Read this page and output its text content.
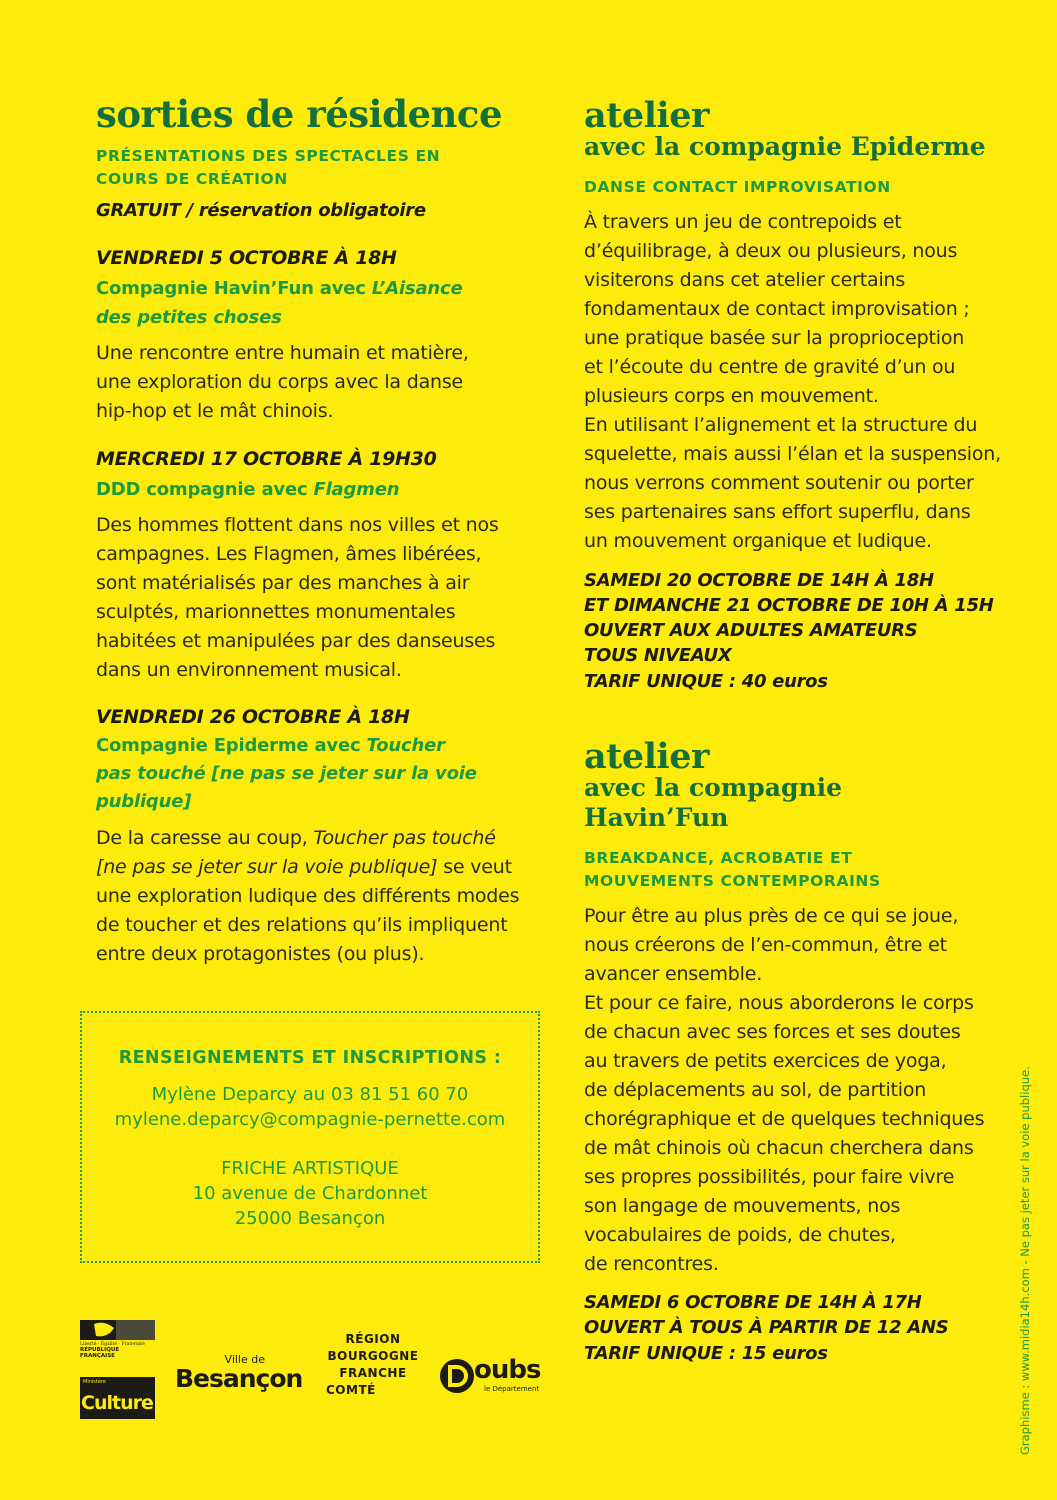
sorties de résidence

PRÉSENTATIONS DES SPECTACLES EN

COURS DE CRÉATION

GRATUIT / réservation obligatoire

VENDREDI 5 OCTOBRE À 18H

Compagnie Havin’Fun avec L’Aisance

des petites choses

Une rencontre entre humain et matière,

une exploration du corps avec la danse

hip-hop et le mât chinois.

MERCREDI 17 OCTOBRE À 19H30

DDD compagnie avec Flagmen

Des hommes flottent dans nos villes et nos

campagnes. Les Flagmen, âmes libérées,

sont matérialisés par des manches à air

sculptés, marionnettes monumentales

habitées et manipulées par des danseuses

dans un environnement musical.

VENDREDI 26 OCTOBRE À 18H

Compagnie Epiderme avec Toucher

pas touché [ne pas se jeter sur la voie

publique]

De la caresse au coup, Toucher pas touché

[ne pas se jeter sur la voie publique] se veut

une exploration ludique des différents modes

de toucher et des relations qu’ils impliquent

entre deux protagonistes (ou plus).

RENSEIGNEMENTS ET INSCRIPTIONS :
Mylène Deparcy au 03 81 51 60 70
mylene.deparcy@compagnie-pernette.com
FRICHE ARTISTIQUE
10 avenue de Chardonnet
25000 Besançon
atelier

avec la compagnie Epiderme

DANSE CONTACT IMPROVISATION

À travers un jeu de contrepoids et

d’équilibrage, à deux ou plusieurs, nous

visiterons dans cet atelier certains

fondamentaux de contact improvisation ;

une pratique basée sur la proprioception

et l’écoute du centre de gravité d’un ou

plusieurs corps en mouvement.

En utilisant l’alignement et la structure du

squelette, mais aussi l’élan et la suspension,

nous verrons comment soutenir ou porter

ses partenaires sans effort superflu, dans

un mouvement organique et ludique.

SAMEDI 20 OCTOBRE DE 14H À 18H

ET DIMANCHE 21 OCTOBRE DE 10H À 15H

OUVERT AUX ADULTES AMATEURS

TOUS NIVEAUX

TARIF UNIQUE : 40 euros

atelier

avec la compagnie

Havin’Fun

BREAKDANCE, ACROBATIE ET

MOUVEMENTS CONTEMPORAINS

Pour être au plus près de ce qui se joue,

nous créerons de l’en-commun, être et

avancer ensemble.

Et pour ce faire, nous aborderons le corps

de chacun avec ses forces et ses doutes

au travers de petits exercices de yoga,

de déplacements au sol, de partition

chorégraphique et de quelques techniques

de mât chinois où chacun cherchera dans

ses propres possibilités, pour faire vivre

son langage de mouvements, nos

vocabulaires de poids, de chutes,

de rencontres.

SAMEDI 6 OCTOBRE DE 14H À 17H

OUVERT À TOUS À PARTIR DE 12 ANS

TARIF UNIQUE : 15 euros

Liberté · Égalité · Fraternité
RÉPUBLIQUE FRANÇAISE
Ministère
Culture
Ville de
Besançon
RÉGION
BOURGOGNE
FRANCHE
COMTÉ
oubs
le Département	Graphisme : www.midia14h.com - Ne pas jeter sur la voie publique.
